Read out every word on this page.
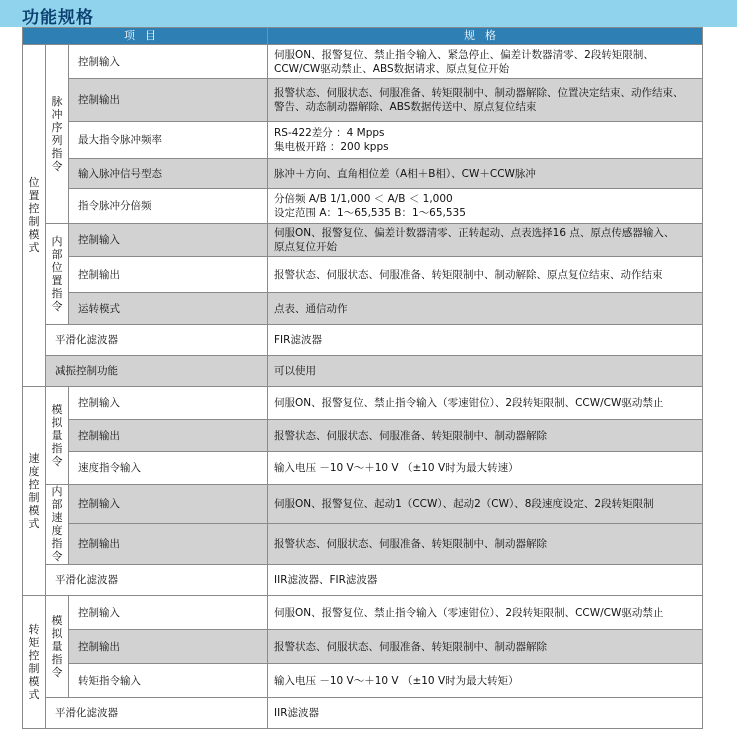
功能规格
项目			规格
位置控制模式	脉冲序列指令	控制输入	伺服ON、报警复位、禁止指令输入、紧急停止、偏差计数器清零、2段转矩限制、
CCW/CW驱动禁止、ABS数据请求、原点复位开始

		控制输出	报警状态、伺服状态、伺服准备、转矩限制中、制动器解除、位置决定结束、动作结束、
警告、动态制动器解除、ABS数据传送中、原点复位结束

		最大指令脉冲频率	RS-422差分 ：4 Mpps
集电极开路 ：200 kpps

		输入脉冲信号型态	脉冲＋方向、直角相位差（A相＋B相）、CW＋CCW脉冲

		指令脉冲分倍频	分倍频 A/B 1/1,000 ＜ A/B ＜ 1,000
设定范围 A：1～65,535 B：1～65,535

	内部位置指令	控制输入	伺服ON、报警复位、偏差计数器清零、正转起动、点表选择16 点、原点传感器输入、
原点复位开始

		控制输出	报警状态、伺服状态、伺服准备、转矩限制中、制动解除、原点复位结束、动作结束

		运转模式	点表、通信动作

	平滑化滤波器		FIR滤波器

	减振控制功能		可以使用

速度控制模式	模拟量指令	控制输入	伺服ON、报警复位、禁止指令输入（零速钳位）、2段转矩限制、CCW/CW驱动禁止

		控制输出	报警状态、伺服状态、伺服准备、转矩限制中、制动器解除

		速度指令输入	输入电压 －10 V～＋10 V （±10 V时为最大转速）

	内部速度指令	控制输入	伺服ON、报警复位、起动1（CCW）、起动2（CW）、8段速度设定、2段转矩限制

		控制输出	报警状态、伺服状态、伺服准备、转矩限制中、制动器解除

	平滑化滤波器		IIR滤波器、FIR滤波器

转矩控制模式	模拟量指令	控制输入	伺服ON、报警复位、禁止指令输入（零速钳位）、2段转矩限制、CCW/CW驱动禁止

		控制输出	报警状态、伺服状态、伺服准备、转矩限制中、制动器解除

		转矩指令输入	输入电压 －10 V～＋10 V （±10 V时为最大转矩）

	平滑化滤波器		IIR滤波器
